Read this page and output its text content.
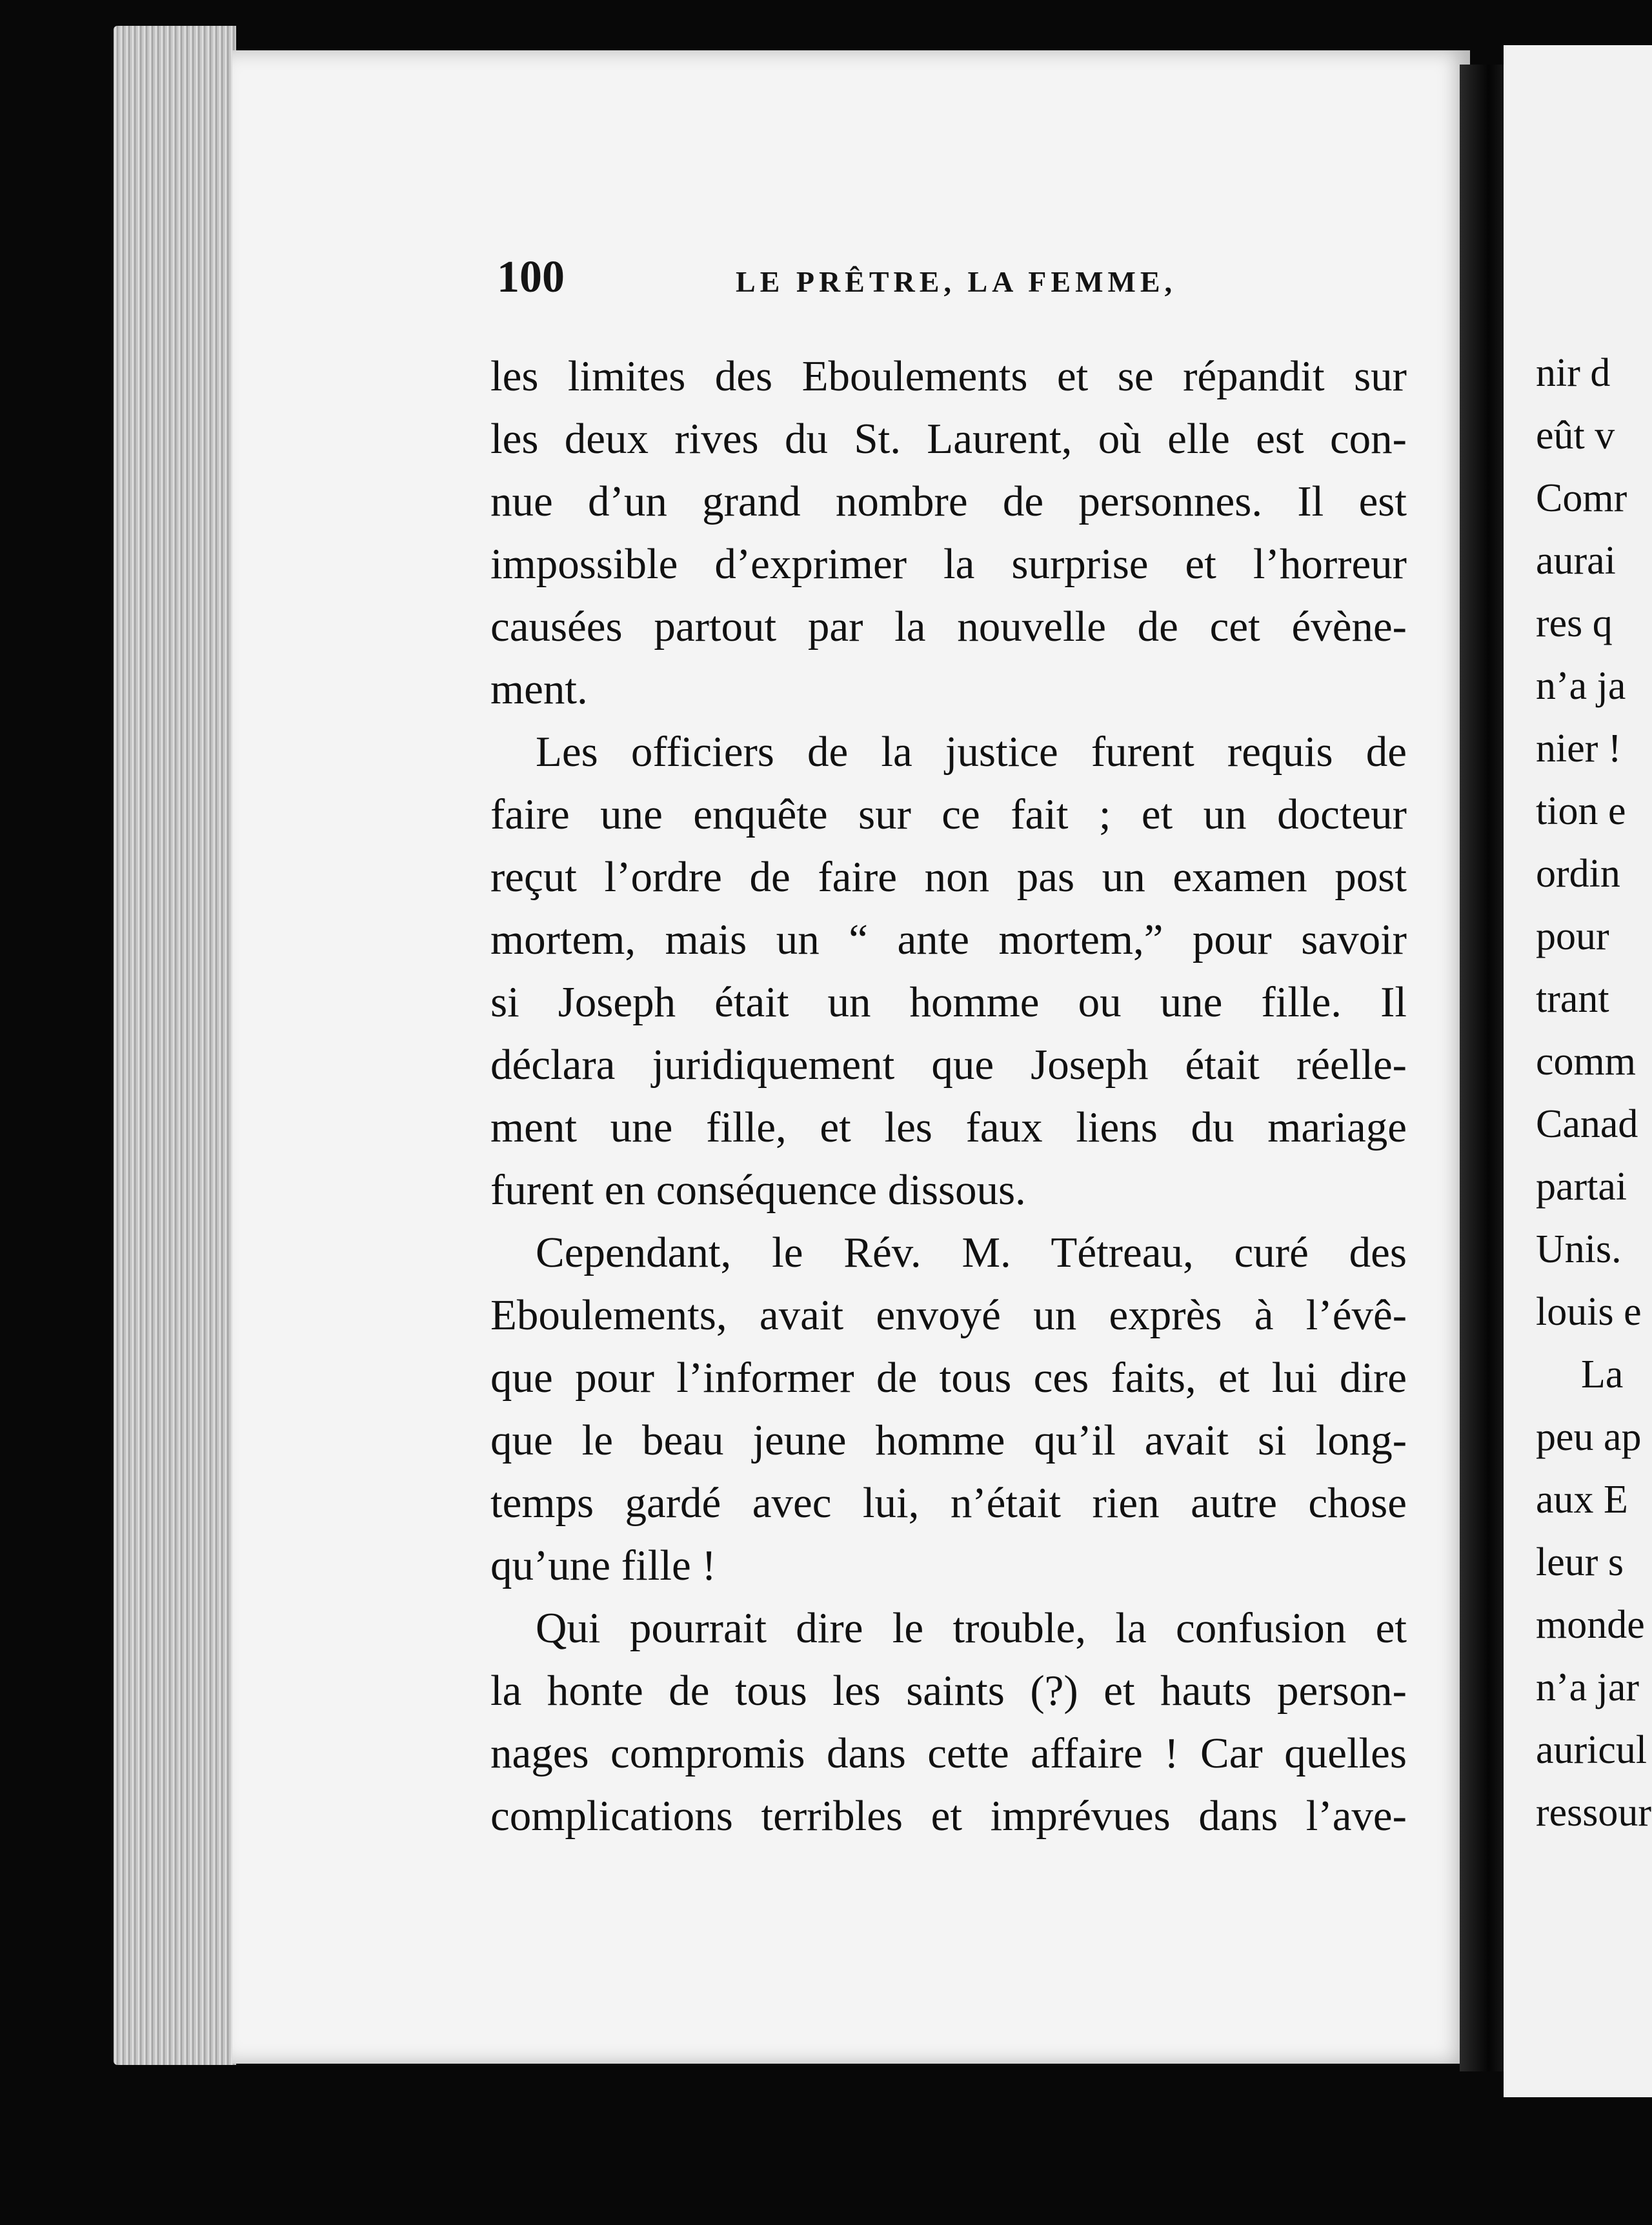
100	LE PRÊTRE, LA FEMME,
les limites des Eboulements et se répandit sur
les deux rives du St. Laurent, où elle est con-
nue d’un grand nombre de personnes. Il est
impossible d’exprimer la surprise et l’horreur
causées partout par la nouvelle de cet évène-
ment.
Les officiers de la justice furent requis de
faire une enquête sur ce fait ; et un docteur
reçut l’ordre de faire non pas un examen post
mortem, mais un “ ante mortem,” pour savoir
si Joseph était un homme ou une fille. Il
déclara juridiquement que Joseph était réelle-
ment une fille, et les faux liens du mariage
furent en conséquence dissous.
Cependant, le Rév. M. Tétreau, curé des
Eboulements, avait envoyé un exprès à l’évê-
que pour l’informer de tous ces faits, et lui dire
que le beau jeune homme qu’il avait si long-
temps gardé avec lui, n’était rien autre chose
qu’une fille !
Qui pourrait dire le trouble, la confusion et
la honte de tous les saints (?) et hauts person-
nages compromis dans cette affaire ! Car quelles
complications terribles et imprévues dans l’ave-
nir d
eût v
Comr
aurai
res q
n’a ja
nier !
tion e
ordin
pour
trant
comm
Canad
partai
Unis.
louis e
La
peu ap
aux E
leur s
monde
n’a jar
auricul
ressour
